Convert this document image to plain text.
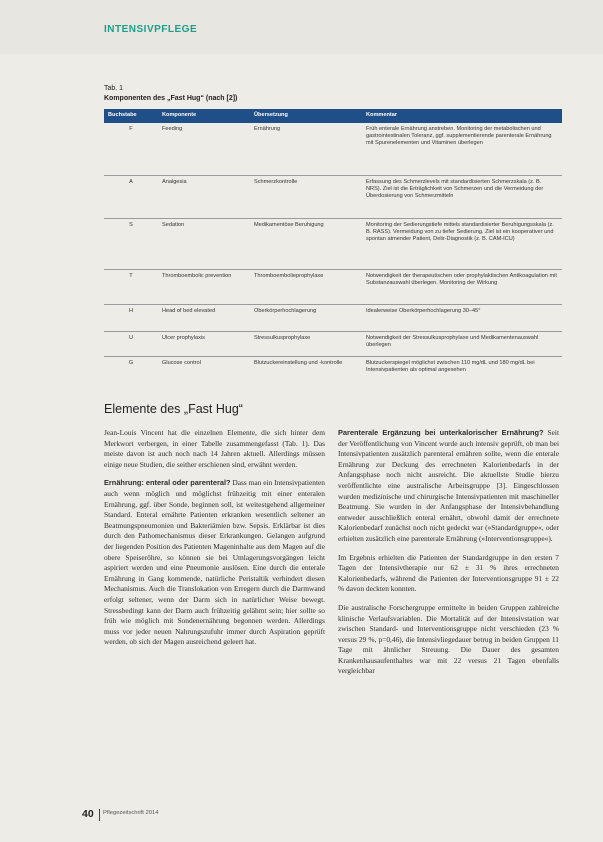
INTENSIVPFLEGE
Tab. 1
Komponenten des „Fast Hug“ (nach [2])
Buchstabe	Komponente	Übersetzung	Kommentar
F	Feeding	Ernährung	Früh enterale Ernährung anstreben. Monitoring der metabolischen und gastrointestinalen Toleranz, ggf. supplementierende parenterale Ernährung mit Spurenelementen und Vitaminen überlegen
A	Analgesia	Schmerzkontrolle	Erfassung des Schmerzlevels mit standardisierten Schmerzskala (z. B. NRS). Ziel ist die Erträglichkeit von Schmerzen und die Vermeidung der Überdosierung von Schmerzmitteln
S	Sedation	Medikamentöse Beruhigung	Monitoring der Sedierungstiefe mittels standardisierter Beruhigungsskala (z. B. RASS). Vermeidung von zu tiefer Sedierung. Ziel ist ein kooperativer und spontan atmender Patient, Delir-Diagnostik (z. B. CAM-ICU)
T	Thromboembolic prevention	Thromboembolieprophylaxe	Notwendigkeit der therapeutischen oder prophylaktischen Antikoagulation mit Substanzauswahl überlegen. Monitoring der Wirkung
H	Head of bed elevated	Oberkörperhochlagerung	Idealerweise Oberkörperhochlagerung 30–45°
U	Ulcer prophylaxis	Stressulkusprophylaxe	Notwendigkeit der Stressulkusprophylaxe und Medikamentenauswahl überlegen
G	Glucose control	Blutzuckereinstellung und -kontrolle	Blutzuckerspiegel möglichst zwischen 110 mg/dL und 180 mg/dL bei Intensivpatienten als optimal angesehen
Elemente des „Fast Hug“

Jean-Louis Vincent hat die einzelnen Elemente, die sich hinter dem Merkwort verbergen, in einer Tabelle zusammengefasst (Tab. 1). Das meiste davon ist auch noch nach 14 Jahren aktuell. Allerdings müssen einige neue Studien, die seither erschienen sind, erwähnt werden.

Ernährung: enteral oder parenteral? Dass man ein Intensivpatienten auch wenn möglich und möglichst frühzeitig mit einer enteralen Ernährung, ggf. über Sonde, beginnen soll, ist weitestgehend allgemeiner Standard. Enteral ernährte Patienten erkranken wesentlich seltener an Beatmungspneumonien und Bakteriämien bzw. Sepsis. Erklärbar ist dies durch den Pathomechanismus dieser Erkrankungen. Gelangen aufgrund der liegenden Position des Patienten Mageninhalte aus dem Magen auf die obere Speiseröhre, so können sie bei Umlagerungsvorgängen leicht aspiriert werden und eine Pneumonie auslösen. Eine durch die enterale Ernährung in Gang kommende, natürliche Peristaltik verhindert diesen Mechanismus. Auch die Translokation von Erregern durch die Darmwand erfolgt seltener, wenn der Darm sich in natürlicher Weise bewegt. Stressbedingt kann der Darm auch frühzeitig gelähmt sein; hier sollte so früh wie möglich mit Sondenernährung begonnen werden. Allerdings muss vor jeder neuen Nahrungszufuhr immer durch Aspiration geprüft werden, ob sich der Magen ausreichend geleert hat.

Parenterale Ergänzung bei unterkalorischer Ernährung? Seit der Veröffentlichung von Vincent wurde auch intensiv geprüft, ob man bei Intensivpatienten zusätzlich parenteral ernähren sollte, wenn die enterale Ernährung zur Deckung des errechneten Kalorienbedarfs in der Anfangsphase noch nicht ausreicht. Die aktuellste Studie hierzu veröffentlichte eine australische Arbeitsgruppe [3]. Eingeschlossen wurden medizinische und chirurgische Intensivpatienten mit maschineller Beatmung. Sie wurden in der Anfangsphase der Intensivbehandlung entweder ausschließlich enteral ernährt, obwohl damit der errechnete Kalorienbedarf zunächst noch nicht gedeckt war (»Standardgruppe«, oder erhielten zusätzlich eine parenterale Ernährung (»Interventionsgruppe«).

Im Ergebnis erhielten die Patienten der Standardgruppe in den ersten 7 Tagen der Intensivtherapie nur 62 ± 31 % ihres errechneten Kalorienbedarfs, während die Patienten der Interventionsgruppe 91 ± 22 % davon deckten konnten.

Die australische Forschergruppe ermittelte in beiden Gruppen zahlreiche klinische Verlaufsvariablen. Die Mortalität auf der Intensivstation war zwischen Standard- und Interventionsgruppe nicht verschieden (23 % versus 29 %, p=0,46), die Intensivliegedauer betrug in beiden Gruppen 11 Tage mit ähnlicher Streuung. Die Dauer des gesamten Krankenhausaufenthaltes war mit 22 versus 21 Tagen ebenfalls vergleichbar

40 Pflegezeitschrift 2014
